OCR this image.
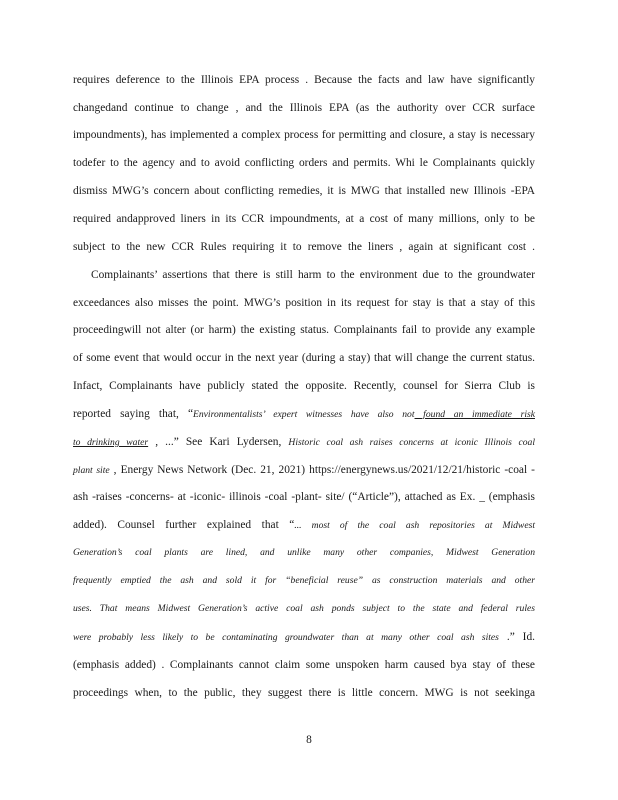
requires deference to the Illinois EPA process . Because the facts and law have significantly
changedand continue to change , and the Illinois EPA (as the authority over CCR surface
impoundments), has implemented a complex process for permitting and closure, a stay is necessary
todefer to the agency and to avoid conflicting orders and permits. Whi le Complainants quickly
dismiss MWG’s concern about conflicting remedies, it is MWG that installed new Illinois -EPA
required andapproved liners in its CCR impoundments, at a cost of many millions, only to be
subject to the new CCR Rules requiring it to remove the liners , again at significant cost .
Complainants’ assertions that there is still harm to the environment due to the groundwater
exceedances also misses the point. MWG’s position in its request for stay is that a stay of this
proceedingwill not alter (or harm) the existing status. Complainants fail to provide any example
of some event that would occur in the next year (during a stay) that will change the current status.
Infact, Complainants have publicly stated the opposite. Recently, counsel for Sierra Club is
reported saying that, “Environmentalists’ expert witnesses have also not found an immediate risk
to drinking water , ...” See Kari Lydersen, Historic coal ash raises concerns at iconic Illinois coal
plant site , Energy News Network (Dec. 21, 2021) https://energynews.us/2021/12/21/historic -coal -
ash -raises -concerns- at -iconic- illinois -coal -plant- site/ (“Article”), attached as Ex. _ (emphasis
added). Counsel further explained that “... most of the coal ash repositories at Midwest
Generation’s coal plants are lined, and unlike many other companies, Midwest Generation
frequently emptied the ash and sold it for “beneficial reuse” as construction materials and other
uses. That means Midwest Generation’s active coal ash ponds subject to the state and federal rules
were probably less likely to be contaminating groundwater than at many other coal ash sites .” Id.
(emphasis added) . Complainants cannot claim some unspoken harm caused bya stay of these
proceedings when, to the public, they suggest there is little concern. MWG is not seekinga
8
